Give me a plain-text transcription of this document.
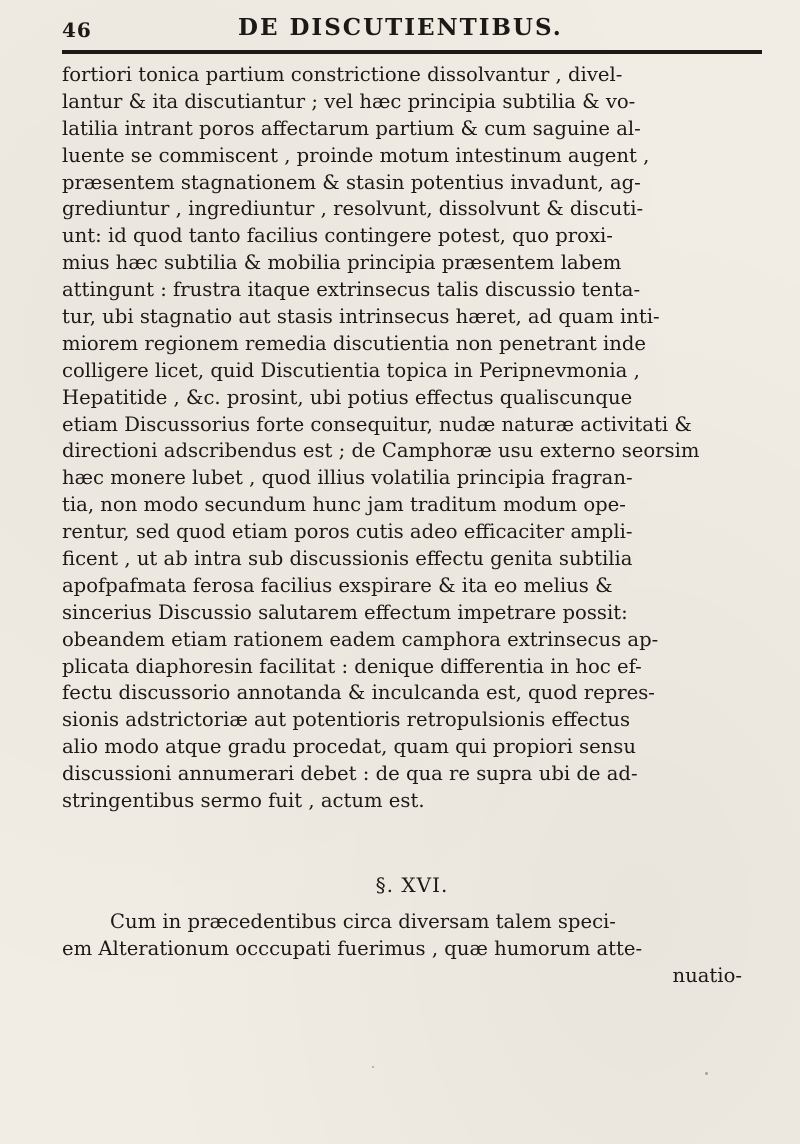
46	DE DISCUTIENTIBUS.
fortiori tonica partium constrictione dissolvantur , divel-
lantur & ita discutiantur ; vel hæc principia subtilia & vo-
latilia intrant poros affectarum partium & cum saguine al-
luente se commiscent , proinde motum intestinum augent ,
præsentem stagnationem & stasin potentius invadunt, ag-
grediuntur , ingrediuntur , resolvunt, dissolvunt & discuti-
unt: id quod tanto facilius contingere potest, quo proxi-
mius hæc subtilia & mobilia principia præsentem labem
attingunt : frustra itaque extrinsecus talis discussio tenta-
tur, ubi stagnatio aut stasis intrinsecus hæret, ad quam inti-
miorem regionem remedia discutientia non penetrant inde
colligere licet, quid Discutientia topica in Peripnevmonia ,
Hepatitide , &c. prosint, ubi potius effectus qualiscunque
etiam Discussorius forte consequitur, nudæ naturæ activitati &
directioni adscribendus est ; de Camphoræ usu externo seorsim
hæc monere lubet , quod illius volatilia principia fragran-
tia, non modo secundum hunc jam traditum modum ope-
rentur, sed quod etiam poros cutis adeo efficaciter ampli-
ficent , ut ab intra sub discussionis effectu genita subtilia
apofpafmata ferosa facilius exspirare & ita eo melius &
sincerius Discussio salutarem effectum impetrare possit:
obeandem etiam rationem eadem camphora extrinsecus ap-
plicata diaphoresin facilitat : denique differentia in hoc ef-
fectu discussorio annotanda & inculcanda est, quod repres-
sionis adstrictoriæ aut potentioris retropulsionis effectus
alio modo atque gradu procedat, quam qui propiori sensu
discussioni annumerari debet : de qua re supra ubi de ad-
stringentibus sermo fuit , actum est.
§. XVI.
Cum in præcedentibus circa diversam talem speci-
em Alterationum occcupati fuerimus , quæ humorum atte-
nuatio-
